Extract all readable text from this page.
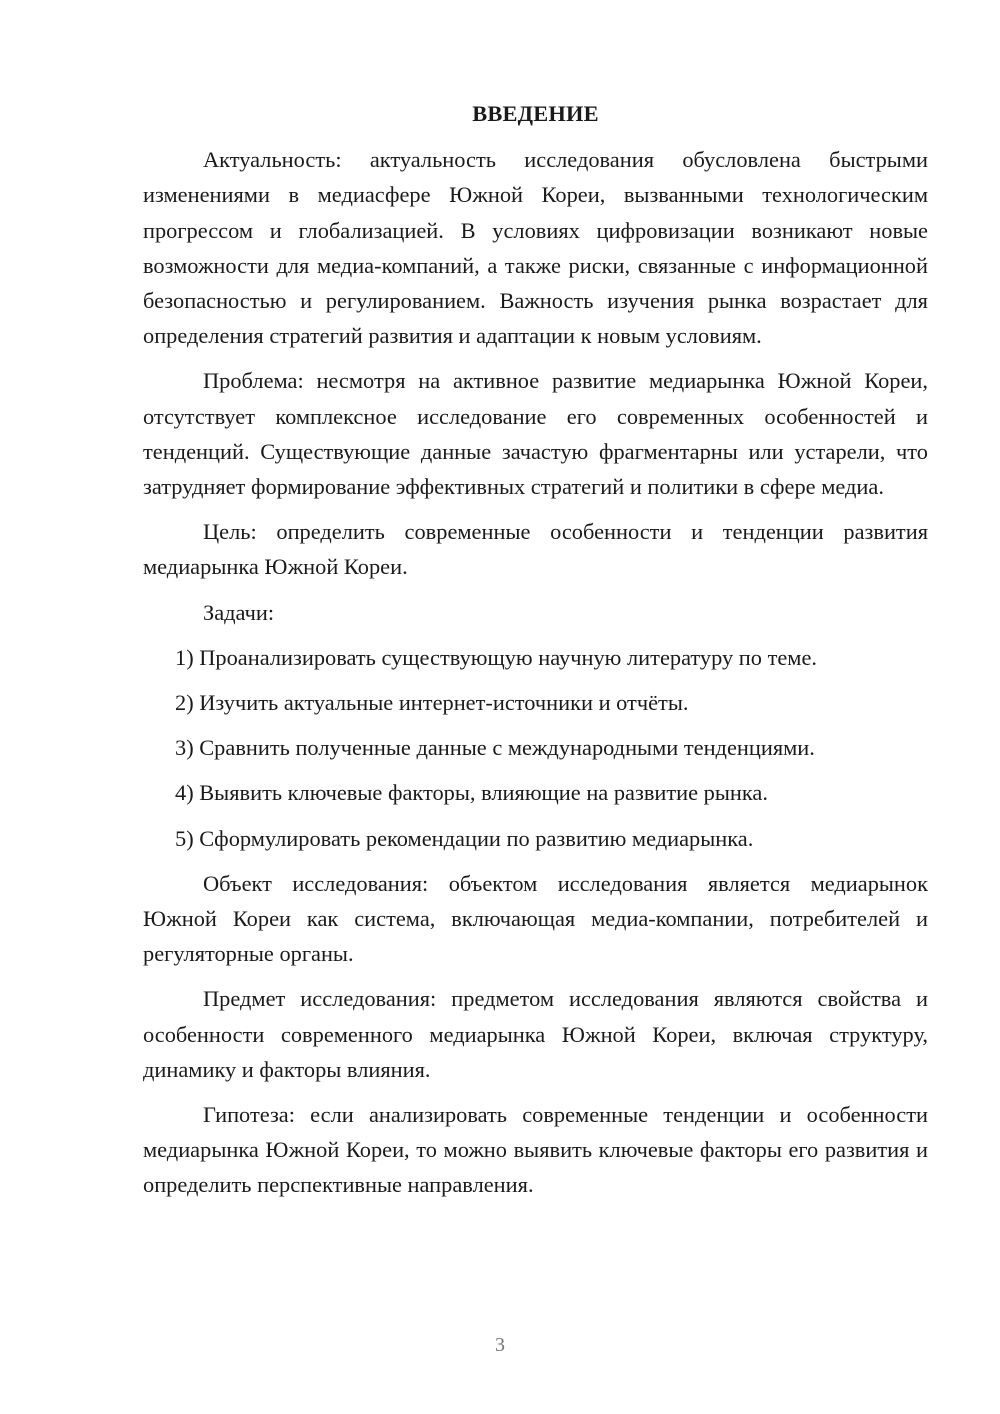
ВВЕДЕНИЕ

Актуальность: актуальность исследования обусловлена быстрыми изменениями в медиасфере Южной Кореи, вызванными технологическим прогрессом и глобализацией. В условиях цифровизации возникают новые возможности для медиа-компаний, а также риски, связанные с информационной безопасностью и регулированием. Важность изучения рынка возрастает для определения стратегий развития и адаптации к новым условиям.

Проблема: несмотря на активное развитие медиарынка Южной Кореи, отсутствует комплексное исследование его современных особенностей и тенденций. Существующие данные зачастую фрагментарны или устарели, что затрудняет формирование эффективных стратегий и политики в сфере медиа.

Цель: определить современные особенности и тенденции развития медиарынка Южной Кореи.

Задачи:

1) Проанализировать существующую научную литературу по теме.
2) Изучить актуальные интернет-источники и отчёты.
3) Сравнить полученные данные с международными тенденциями.
4) Выявить ключевые факторы, влияющие на развитие рынка.
5) Сформулировать рекомендации по развитию медиарынка.

Объект исследования: объектом исследования является медиарынок Южной Кореи как система, включающая медиа-компании, потребителей и регуляторные органы.

Предмет исследования: предметом исследования являются свойства и особенности современного медиарынка Южной Кореи, включая структуру, динамику и факторы влияния.

Гипотеза: если анализировать современные тенденции и особенности медиарынка Южной Кореи, то можно выявить ключевые факторы его развития и определить перспективные направления.

3
